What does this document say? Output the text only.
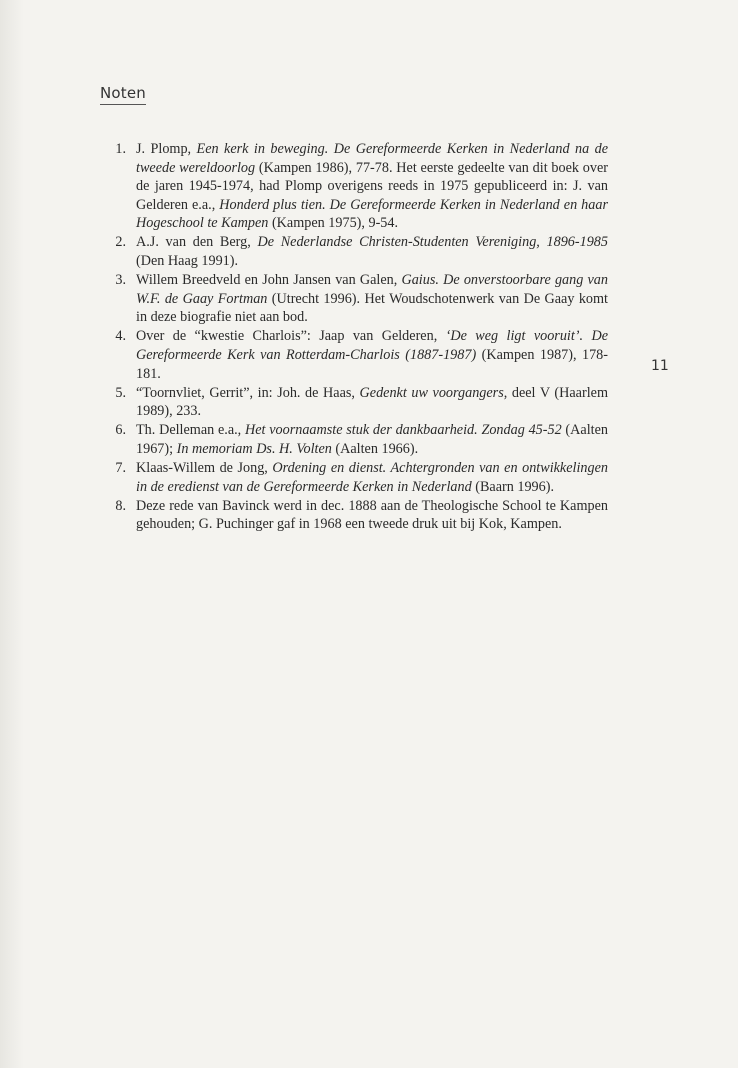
Noten
1. J. Plomp, Een kerk in beweging. De Gereformeerde Kerken in Nederland na de tweede wereldoorlog (Kampen 1986), 77-78. Het eerste gedeelte van dit boek over de jaren 1945-1974, had Plomp overigens reeds in 1975 gepubliceerd in: J. van Gelderen e.a., Honderd plus tien. De Gereformeerde Kerken in Nederland en haar Hogeschool te Kampen (Kampen 1975), 9-54.
2. A.J. van den Berg, De Nederlandse Christen-Studenten Vereniging, 1896-1985 (Den Haag 1991).
3. Willem Breedveld en John Jansen van Galen, Gaius. De onverstoorbare gang van W.F. de Gaay Fortman (Utrecht 1996). Het Woudschotenwerk van De Gaay komt in deze biografie niet aan bod.
4. Over de “kwestie Charlois”: Jaap van Gelderen, ‘De weg ligt vooruit’. De Gereformeerde Kerk van Rotterdam-Charlois (1887-1987) (Kampen 1987), 178-181.
5. “Toornvliet, Gerrit”, in: Joh. de Haas, Gedenkt uw voorgangers, deel V (Haarlem 1989), 233.
6. Th. Delleman e.a., Het voornaamste stuk der dankbaarheid. Zondag 45-52 (Aalten 1967); In memoriam Ds. H. Volten (Aalten 1966).
7. Klaas-Willem de Jong, Ordening en dienst. Achtergronden van en ontwikkelingen in de eredienst van de Gereformeerde Kerken in Nederland (Baarn 1996).
8. Deze rede van Bavinck werd in dec. 1888 aan de Theologische School te Kampen gehouden; G. Puchinger gaf in 1968 een tweede druk uit bij Kok, Kampen.
11
